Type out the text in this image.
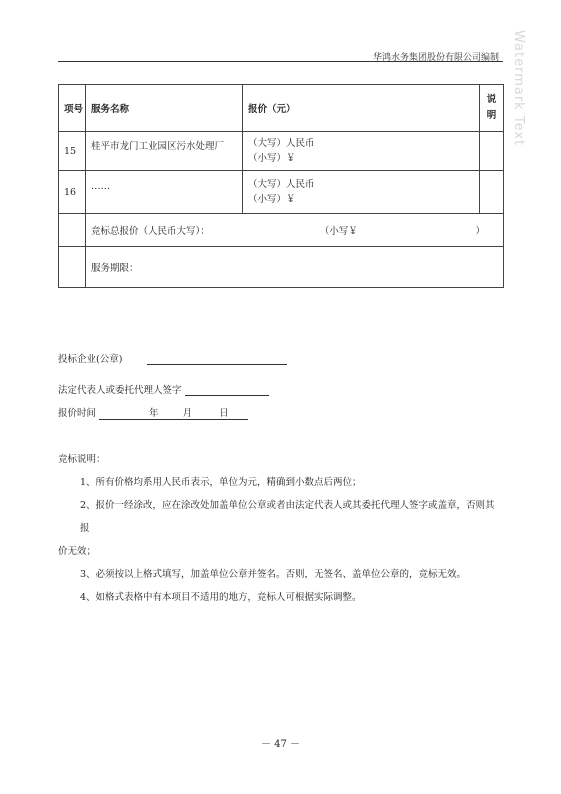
华鸿水务集团股份有限公司编制 Watermark Text
项号	服务名称	报价（元）	说
明
15	桂平市龙门工业园区污水处理厂	（大写）人民币
（小写）￥	

16	……	（大写）人民币
（小写）￥	

	竞标总报价（人民币大写）： （小写￥ ）		

	服务期限：		
投标企业(公章)
法定代表人或委托代理人签字
报价时间	年	月	日
竞标说明：
1、所有价格均系用人民币表示，单位为元，精确到小数点后两位；
2、报价一经涂改，应在涂改处加盖单位公章或者由法定代表人或其委托代理人签字或盖章，否则其报
价无效；
3、必须按以上格式填写，加盖单位公章并签名。否则，无签名、盖单位公章的，竞标无效。
4、如格式表格中有本项目不适用的地方，竞标人可根据实际调整。
－ 47 －
